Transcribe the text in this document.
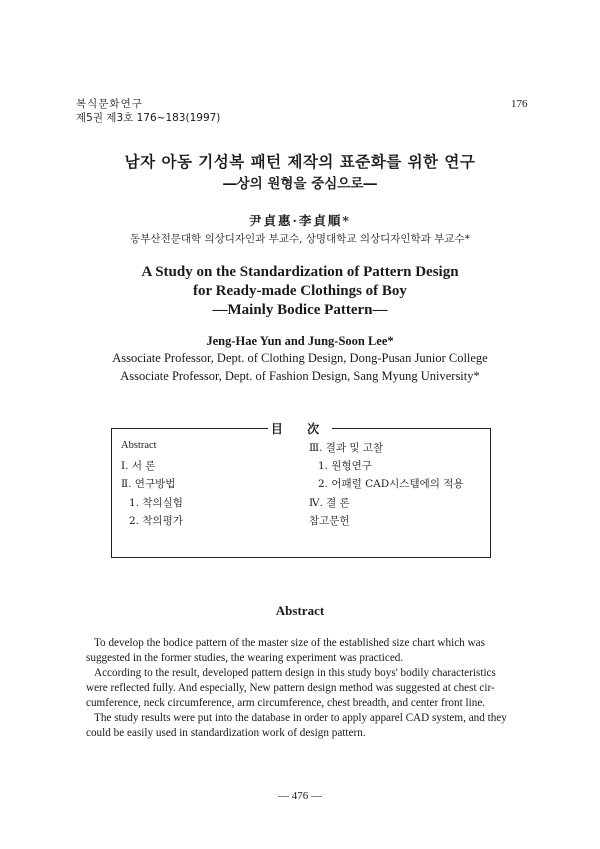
복식문화연구
제5권 제3호 176~183(1997)
176
남자 아동 기성복 패턴 제작의 표준화를 위한 연구
―상의 원형을 중심으로―
尹貞惠·李貞順*
동부산전문대학 의상디자인과 부교수, 상명대학교 의상디자인학과 부교수*
A Study on the Standardization of Pattern Design
for Ready-made Clothings of Boy
―Mainly Bodice Pattern―
Jeng-Hae Yun and Jung-Soon Lee*
Associate Professor, Dept. of Clothing Design, Dong-Pusan Junior College
Associate Professor, Dept. of Fashion Design, Sang Myung University*
目 次
Abstract
Ⅰ. 서 론
Ⅱ. 연구방법
1. 착의실험
2. 착의평가
Ⅲ. 결과 및 고찰
1. 원형연구
2. 어패럴 CAD시스템에의 적용
Ⅳ. 결 론
참고문헌
Abstract
To develop the bodice pattern of the master size of the established size chart which was
suggested in the former studies, the wearing experiment was practiced.
According to the result, developed pattern design in this study boys' bodily characteristics
were reflected fully. And especially, New pattern design method was suggested at chest cir-
cumference, neck circumference, arm circumference, chest breadth, and center front line.
The study results were put into the database in order to apply apparel CAD system, and they
could be easily used in standardization work of design pattern.
― 476 ―
